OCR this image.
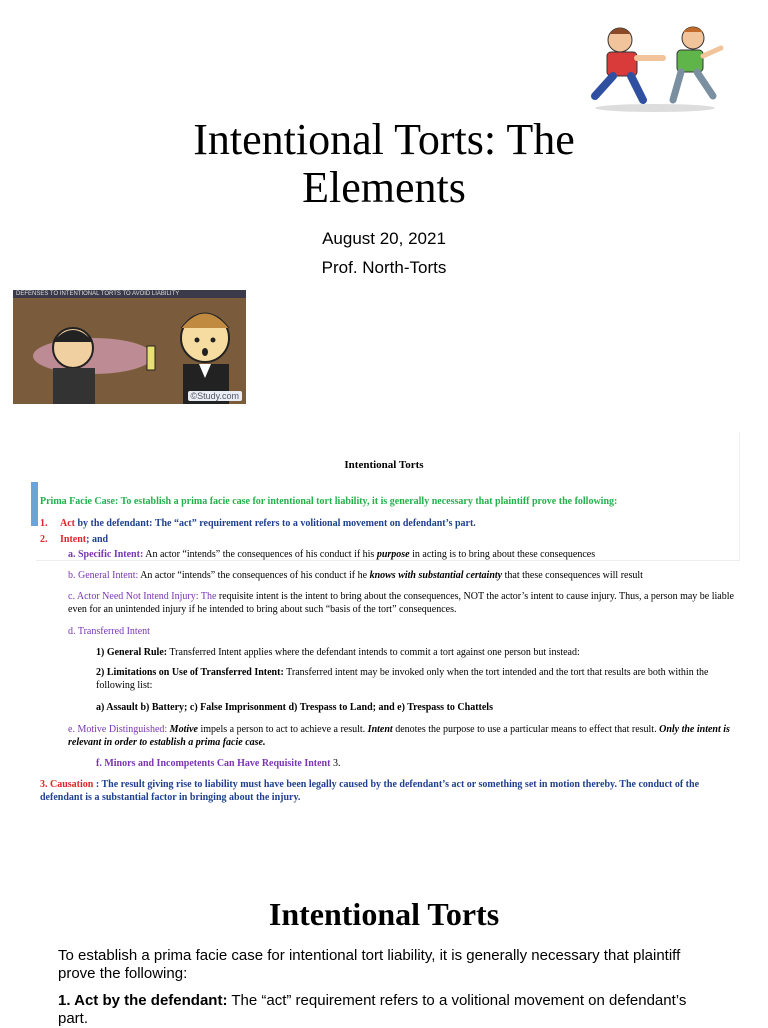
Intentional Torts: The
Elements
August 20, 2021
Prof. North-Torts
DEFENSES TO INTENTIONAL TORTS TO AVOID LIABILITY
©Study.com
Intentional Torts
Prima Facie Case: To establish a prima facie case for intentional tort liability, it is generally necessary that plaintiff prove the following:
1. Act by the defendant: The “act” requirement refers to a volitional movement on defendant’s part.
2. Intent; and
a. Specific Intent: An actor “intends” the consequences of his conduct if his purpose in acting is to bring about these consequences
b. General Intent: An actor “intends” the consequences of his conduct if he knows with substantial certainty that these consequences will result
c. Actor Need Not Intend Injury: The requisite intent is the intent to bring about the consequences, NOT the actor’s intent to cause injury. Thus, a person may be liable even for an unintended injury if he intended to bring about such “basis of the tort” consequences.
d. Transferred Intent
1) General Rule: Transferred Intent applies where the defendant intends to commit a tort against one person but instead:
2) Limitations on Use of Transferred Intent: Transferred intent may be invoked only when the tort intended and the tort that results are both within the following list:
a) Assault b) Battery; c) False Imprisonment d) Trespass to Land; and e) Trespass to Chattels
e. Motive Distinguished: Motive impels a person to act to achieve a result. Intent denotes the purpose to use a particular means to effect that result. Only the intent is relevant in order to establish a prima facie case.
f. Minors and Incompetents Can Have Requisite Intent 3.
3. Causation : The result giving rise to liability must have been legally caused by the defendant’s act or something set in motion thereby. The conduct of the defendant is a substantial factor in bringing about the injury.
Intentional Torts
To establish a prima facie case for intentional tort liability, it is generally necessary that plaintiff prove the following:
1. Act by the defendant: The “act” requirement refers to a volitional movement on defendant’s part.
